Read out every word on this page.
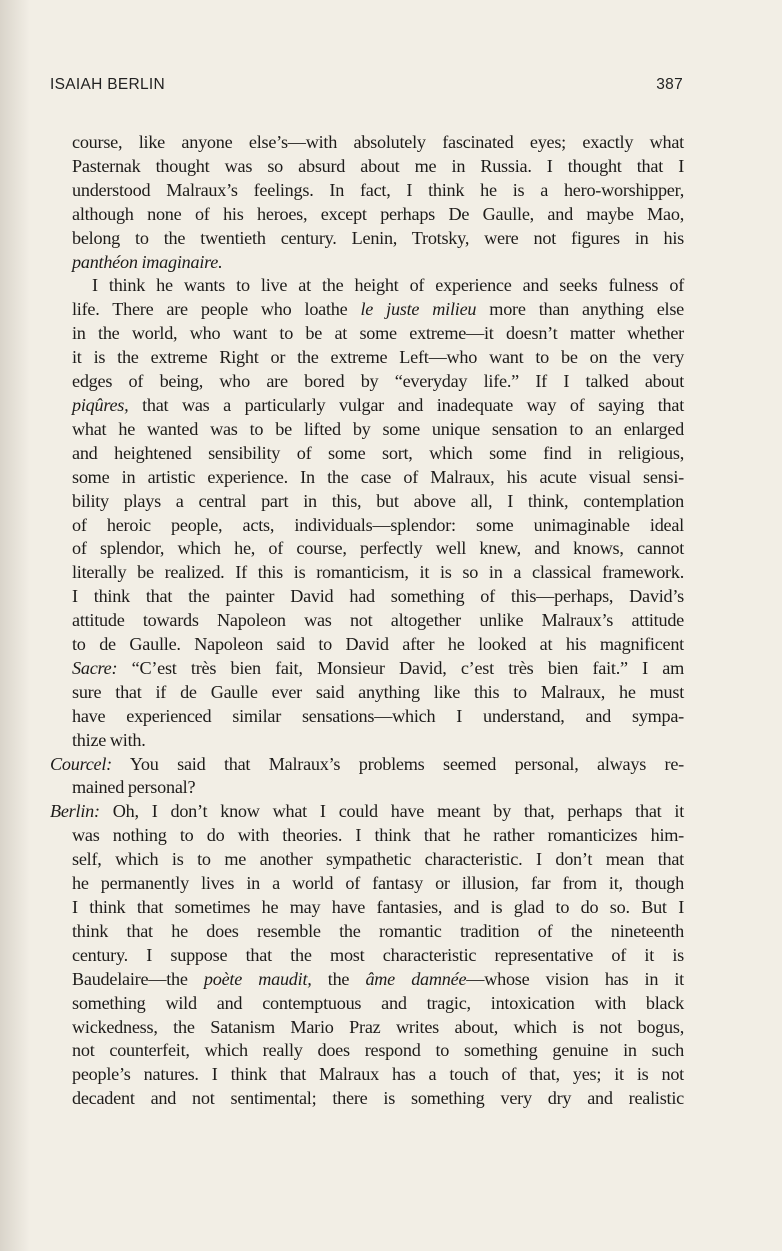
ISAIAH BERLIN	387
course, like anyone else’s—with absolutely fascinated eyes; exactly what
Pasternak thought was so absurd about me in Russia. I thought that I
understood Malraux’s feelings. In fact, I think he is a hero-worshipper,
although none of his heroes, except perhaps De Gaulle, and maybe Mao,
belong to the twentieth century. Lenin, Trotsky, were not figures in his
panthéon imaginaire.
I think he wants to live at the height of experience and seeks fulness of
life. There are people who loathe le juste milieu more than anything else
in the world, who want to be at some extreme—it doesn’t matter whether
it is the extreme Right or the extreme Left—who want to be on the very
edges of being, who are bored by “everyday life.” If I talked about
piqûres, that was a particularly vulgar and inadequate way of saying that
what he wanted was to be lifted by some unique sensation to an enlarged
and heightened sensibility of some sort, which some find in religious,
some in artistic experience. In the case of Malraux, his acute visual sensi-
bility plays a central part in this, but above all, I think, contemplation
of heroic people, acts, individuals—splendor: some unimaginable ideal
of splendor, which he, of course, perfectly well knew, and knows, cannot
literally be realized. If this is romanticism, it is so in a classical framework.
I think that the painter David had something of this—perhaps, David’s
attitude towards Napoleon was not altogether unlike Malraux’s attitude
to de Gaulle. Napoleon said to David after he looked at his magnificent
Sacre: “C’est très bien fait, Monsieur David, c’est très bien fait.” I am
sure that if de Gaulle ever said anything like this to Malraux, he must
have experienced similar sensations—which I understand, and sympa-
thize with.
Courcel: You said that Malraux’s problems seemed personal, always re-
mained personal?
Berlin: Oh, I don’t know what I could have meant by that, perhaps that it
was nothing to do with theories. I think that he rather romanticizes him-
self, which is to me another sympathetic characteristic. I don’t mean that
he permanently lives in a world of fantasy or illusion, far from it, though
I think that sometimes he may have fantasies, and is glad to do so. But I
think that he does resemble the romantic tradition of the nineteenth
century. I suppose that the most characteristic representative of it is
Baudelaire—the poète maudit, the âme damnée—whose vision has in it
something wild and contemptuous and tragic, intoxication with black
wickedness, the Satanism Mario Praz writes about, which is not bogus,
not counterfeit, which really does respond to something genuine in such
people’s natures. I think that Malraux has a touch of that, yes; it is not
decadent and not sentimental; there is something very dry and realistic
